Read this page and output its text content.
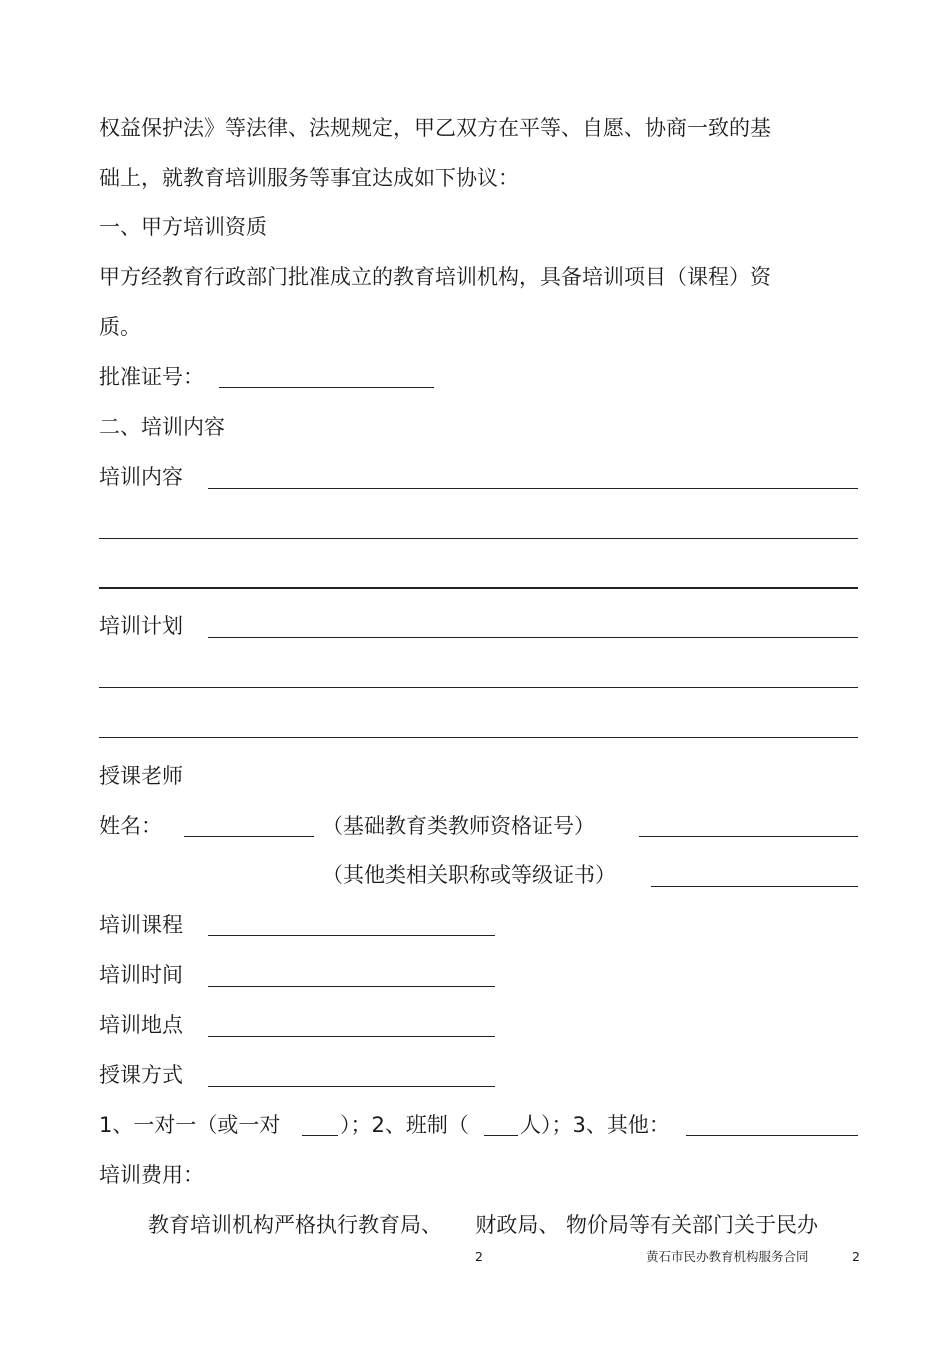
权益保护法》等法律、法规规定，甲乙双方在平等、自愿、协商一致的基
础上，就教育培训服务等事宜达成如下协议：
一、甲方培训资质
甲方经教育行政部门批准成立的教育培训机构，具备培训项目（课程）资
质。
批准证号：
二、培训内容
培训内容
培训计划
授课老师
姓名：	（基础教育类教师资格证号）
（其他类相关职称或等级证书）
培训课程
培训时间
培训地点
授课方式
1、一对一（或一对	）；2、班制（ 人）；3、其他：
培训费用：
教育培训机构严格执行教育局、     财政局、 物价局等有关部门关于民办
2	黄石市民办教育机构服务合同	2
